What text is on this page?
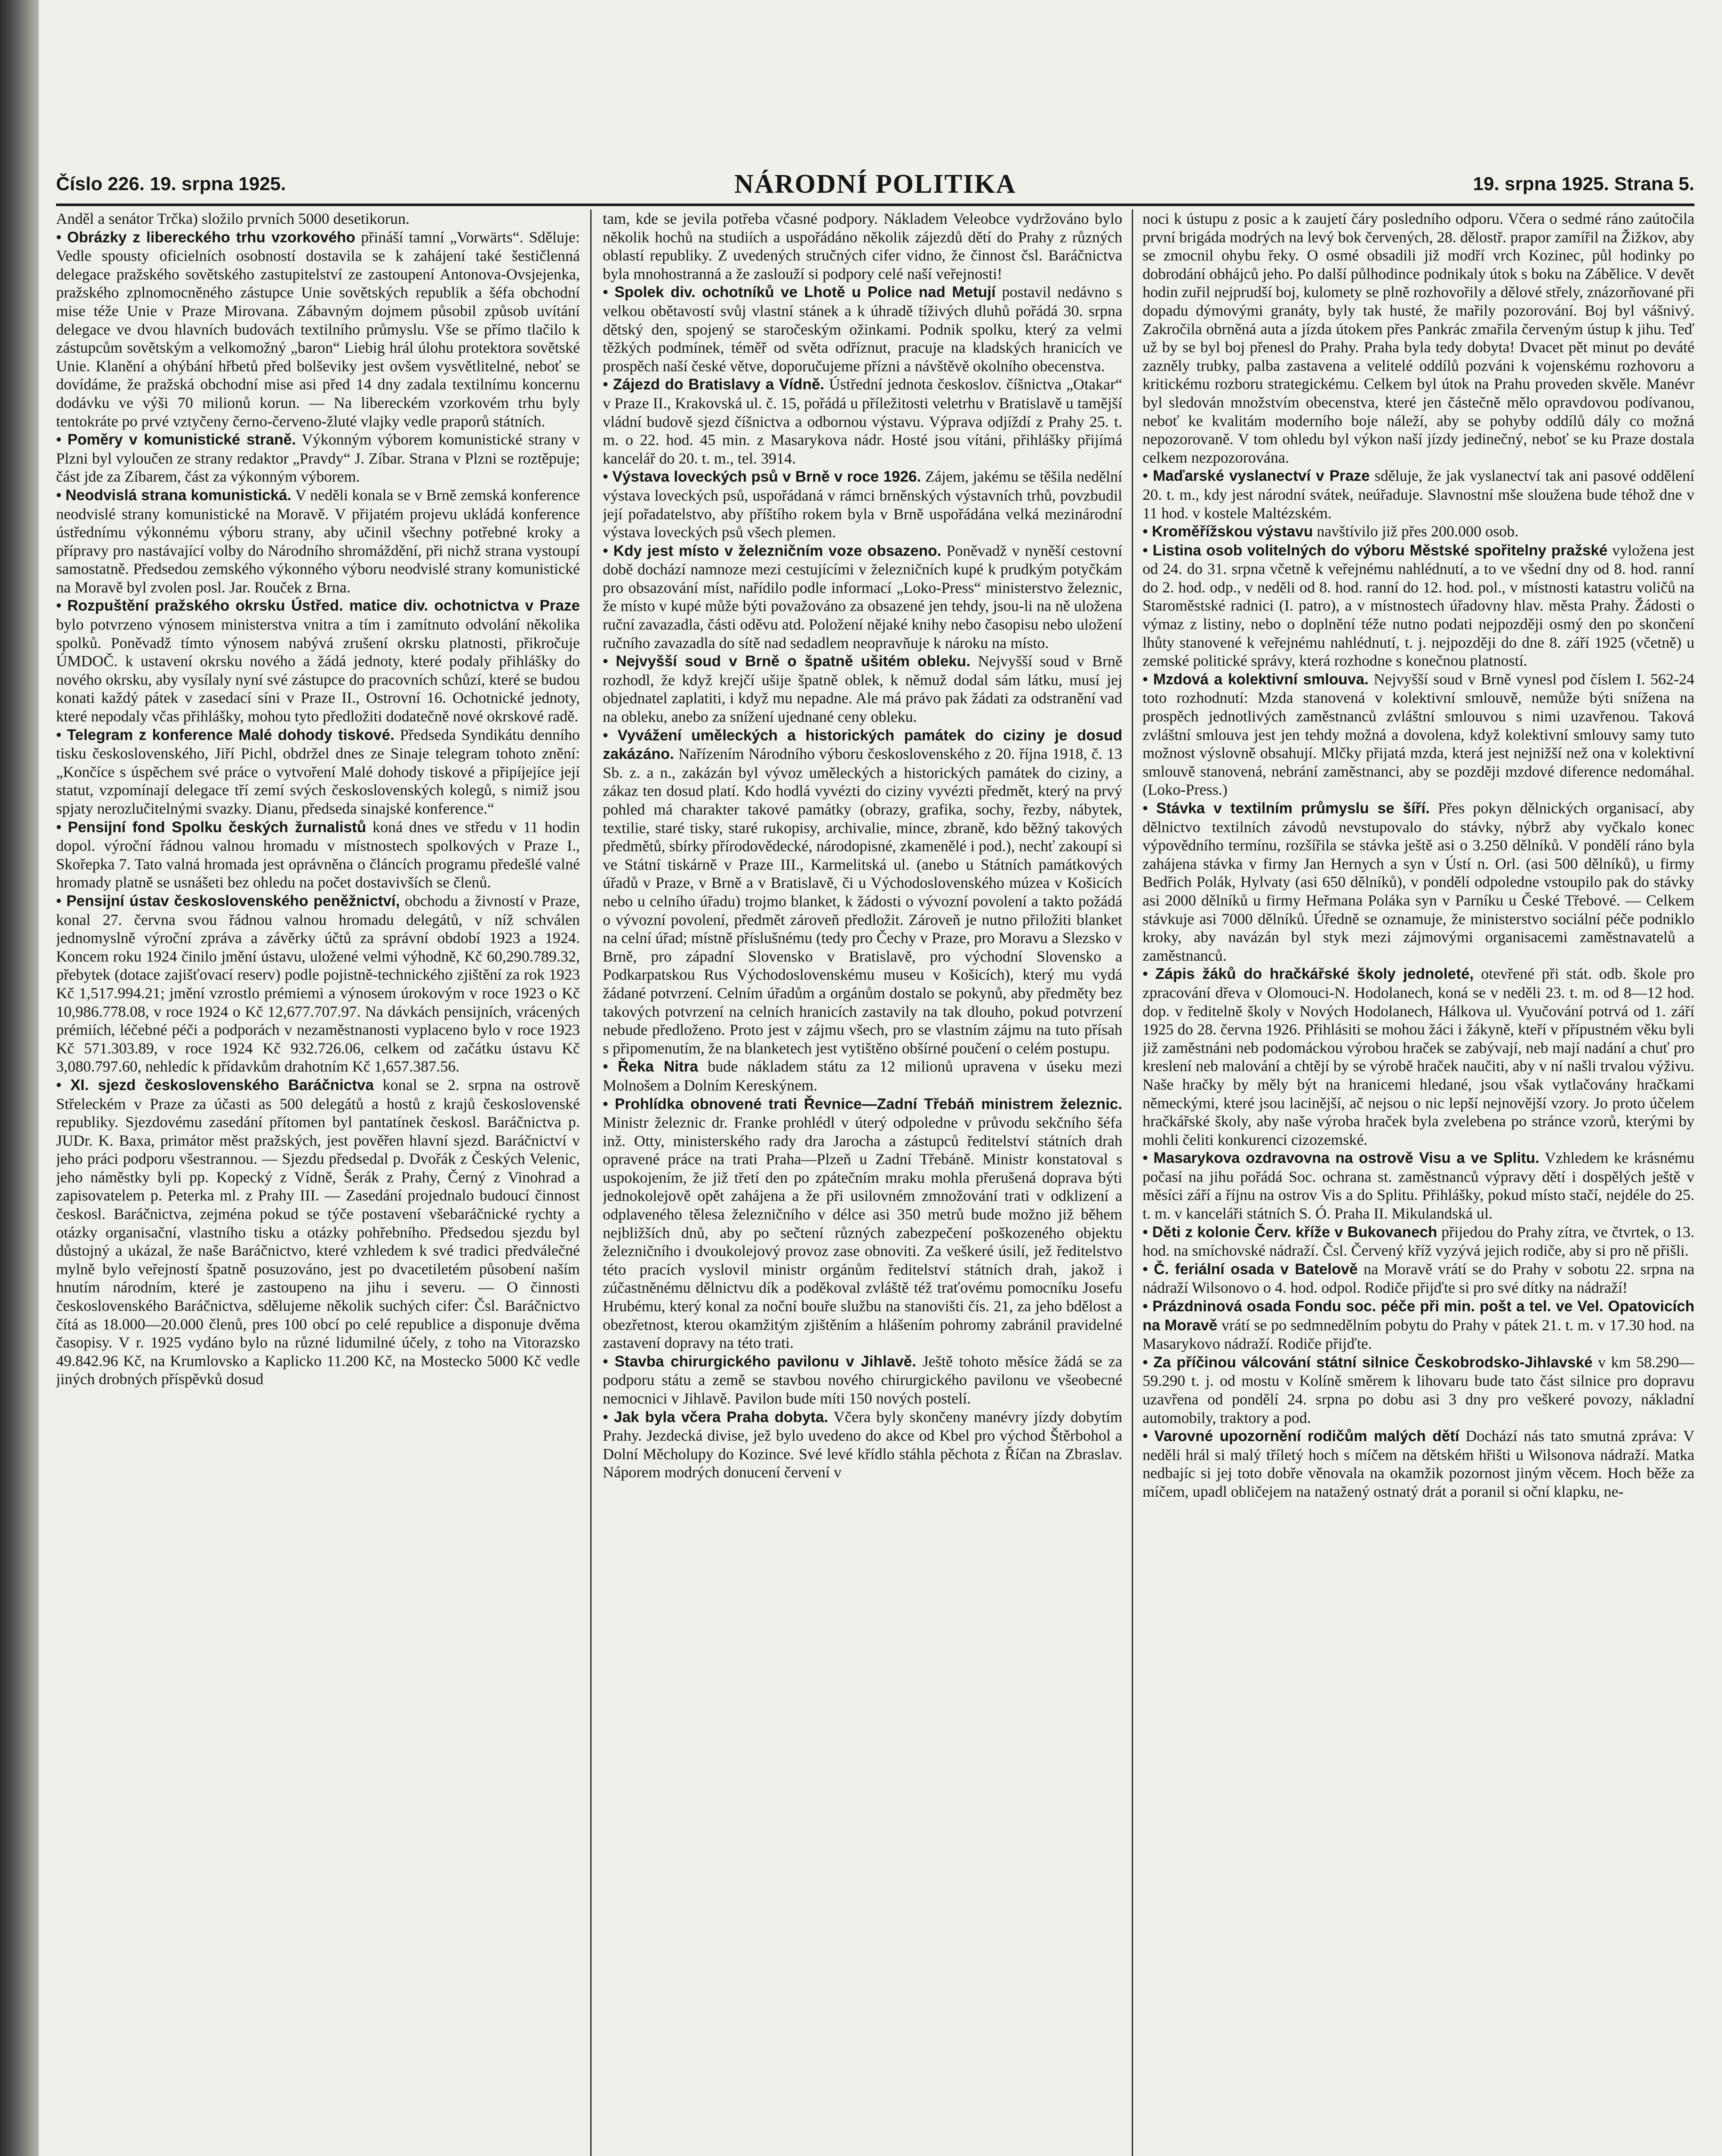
Číslo 226. 19. srpna 1925.	NÁRODNÍ POLITIKA	19. srpna 1925. Strana 5.

Anděl a senátor Trčka) složilo prvních 5000 desetikorun.

• Obrázky z libereckého trhu vzorkového přináší tamní „Vorwärts“. Sděluje: Vedle spousty oficielních osobností dostavila se k zahájení také šestičlenná delegace pražského sovětského zastupitelství ze zastoupení Antonova-Ovsjejenka, pražského zplnomocněného zástupce Unie sovětských republik a šéfa obchodní mise téže Unie v Praze Mirovana. Zábavným dojmem působil způsob uvítání delegace ve dvou hlavních budovách textilního průmyslu. Vše se přímo tlačilo k zástupcům sovětským a velkomožný „baron“ Liebig hrál úlohu protektora sovětské Unie. Klanění a ohýbání hřbetů před bolševiky jest ovšem vysvětlitelné, neboť se dovídáme, že pražská obchodní mise asi před 14 dny zadala textilnímu koncernu dodávku ve výši 70 milionů korun. — Na libereckém vzorkovém trhu byly tentokráte po prvé vztyčeny černo-červeno-žluté vlajky vedle praporů státních.

• Poměry v komunistické straně. Výkonným výborem komunistické strany v Plzni byl vyloučen ze strany redaktor „Pravdy“ J. Zíbar. Strana v Plzni se roztěpuje; část jde za Zíbarem, část za výkonným výborem.

• Neodvislá strana komunistická. V neděli konala se v Brně zemská konference neodvislé strany komunistické na Moravě. V přijatém projevu ukládá konference ústřednímu výkonnému výboru strany, aby učinil všechny potřebné kroky a přípravy pro nastávající volby do Národního shromáždění, při nichž strana vystoupí samostatně. Předsedou zemského výkonného výboru neodvislé strany komunistické na Moravě byl zvolen posl. Jar. Rouček z Brna.

• Rozpuštění pražského okrsku Ústřed. matice div. ochotnictva v Praze bylo potvrzeno výnosem ministerstva vnitra a tím i zamítnuto odvolání několika spolků. Poněvadž tímto výnosem nabývá zrušení okrsku platnosti, přikročuje ÚMDOČ. k ustavení okrsku nového a žádá jednoty, které podaly přihlášky do nového okrsku, aby vysílaly nyní své zástupce do pracovních schůzí, které se budou konati každý pátek v zasedací síni v Praze II., Ostrovní 16. Ochotnické jednoty, které nepodaly včas přihlášky, mohou tyto předložiti dodatečně nové okrskové radě.

• Telegram z konference Malé dohody tiskové. Předseda Syndikátu denního tisku československého, Jiří Pichl, obdržel dnes ze Sinaje telegram tohoto znění: „Končíce s úspěchem své práce o vytvoření Malé dohody tiskové a připíjejíce její statut, vzpomínají delegace tří zemí svých československých kolegů, s nimiž jsou spjaty nerozlučitelnými svazky. Dianu, předseda sinajské konference.“

• Pensijní fond Spolku českých žurnalistů koná dnes ve středu v 11 hodin dopol. výroční řádnou valnou hromadu v místnostech spolkových v Praze I., Skořepka 7. Tato valná hromada jest oprávněna o článcích programu předešlé valné hromady platně se usnášeti bez ohledu na počet dostavivších se členů.

• Pensijní ústav československého peněžnictví, obchodu a živností v Praze, konal 27. června svou řádnou valnou hromadu delegátů, v níž schválen jednomyslně výroční zpráva a závěrky účtů za správní období 1923 a 1924. Koncem roku 1924 činilo jmění ústavu, uložené velmi výhodně, Kč 60,290.789.32, přebytek (dotace zajišťovací reserv) podle pojistně-technického zjištění za rok 1923 Kč 1,517.994.21; jmění vzrostlo prémiemi a výnosem úrokovým v roce 1923 o Kč 10,986.778.08, v roce 1924 o Kč 12,677.707.97. Na dávkách pensijních, vrácených prémiích, léčebné péči a podporách v nezaměstnanosti vyplaceno bylo v roce 1923 Kč 571.303.89, v roce 1924 Kč 932.726.06, celkem od začátku ústavu Kč 3,080.797.60, nehledíc k přídavkům drahotním Kč 1,657.387.56.

• XI. sjezd československého Baráčnictva konal se 2. srpna na ostrově Střeleckém v Praze za účasti as 500 delegátů a hostů z krajů československé republiky. Sjezdovému zasedání přítomen byl pantatínek českosl. Baráčnictva p. JUDr. K. Baxa, primátor měst pražských, jest pověřen hlavní sjezd. Baráčnictví v jeho práci podporu všestrannou. — Sjezdu předsedal p. Dvořák z Českých Velenic, jeho náměstky byli pp. Kopecký z Vídně, Šerák z Prahy, Černý z Vinohrad a zapisovatelem p. Peterka ml. z Prahy III. — Zasedání projednalo budoucí činnost českosl. Baráčnictva, zejména pokud se týče postavení všebaráčnické rychty a otázky organisační, vlastního tisku a otázky pohřebního. Předsedou sjezdu byl důstojný a ukázal, že naše Baráčnictvo, které vzhledem k své tradici předválečné mylně bylo veřejností špatně posuzováno, jest po dvacetiletém působení naším hnutím národním, které je zastoupeno na jihu i severu. — O činnosti československého Baráčnictva, sdělujeme několik suchých cifer: Čsl. Baráčnictvo čítá as 18.000—20.000 členů, pres 100 obcí po celé republice a disponuje dvěma časopisy. V r. 1925 vydáno bylo na různé lidumilné účely, z toho na Vitorazsko 49.842.96 Kč, na Krumlovsko a Kaplicko 11.200 Kč, na Mostecko 5000 Kč vedle jiných drobných příspěvků dosud

tam, kde se jevila potřeba včasné podpory. Nákladem Veleobce vydržováno bylo několik hochů na studiích a uspořádáno několik zájezdů dětí do Prahy z různých oblastí republiky. Z uvedených stručných cifer vidno, že činnost čsl. Baráčnictva byla mnohostranná a že zaslouží si podpory celé naší veřejnosti!

• Spolek div. ochotníků ve Lhotě u Police nad Metují postavil nedávno s velkou obětavostí svůj vlastní stánek a k úhradě tíživých dluhů pořádá 30. srpna dětský den, spojený se staročeským ožinkami. Podnik spolku, který za velmi těžkých podmínek, téměř od světa odříznut, pracuje na kladských hranicích ve prospěch naší české větve, doporučujeme přízni a návštěvě okolního obecenstva.

• Zájezd do Bratislavy a Vídně. Ústřední jednota českoslov. číšnictva „Otakar“ v Praze II., Krakovská ul. č. 15, pořádá u příležitosti veletrhu v Bratislavě u tamější vládní budově sjezd číšnictva a odbornou výstavu. Výprava odjíždí z Prahy 25. t. m. o 22. hod. 45 min. z Masarykova nádr. Hosté jsou vítáni, přihlášky přijímá kancelář do 20. t. m., tel. 3914.

• Výstava loveckých psů v Brně v roce 1926. Zájem, jakému se těšila nedělní výstava loveckých psů, uspořádaná v rámci brněnských výstavních trhů, povzbudil její pořadatelstvo, aby příštího rokem byla v Brně uspořádána velká mezinárodní výstava loveckých psů všech plemen.

• Kdy jest místo v železničním voze obsazeno. Poněvadž v nyněší cestovní době dochází namnoze mezi cestujícími v železničních kupé k prudkým potyčkám pro obsazování míst, nařídilo podle informací „Loko-Press“ ministerstvo železnic, že místo v kupé může býti považováno za obsazené jen tehdy, jsou-li na ně uložena ruční zavazadla, části oděvu atd. Položení nějaké knihy nebo časopisu nebo uložení ručního zavazadla do sítě nad sedadlem neopravňuje k nároku na místo.

• Nejvyšší soud v Brně o špatně ušitém obleku. Nejvyšší soud v Brně rozhodl, že když krejčí ušije špatně oblek, k němuž dodal sám látku, musí jej objednatel zaplatiti, i když mu nepadne. Ale má právo pak žádati za odstranění vad na obleku, anebo za snížení ujednané ceny obleku.

• Vyvážení uměleckých a historických památek do ciziny je dosud zakázáno. Nařízením Národního výboru československého z 20. října 1918, č. 13 Sb. z. a n., zakázán byl vývoz uměleckých a historických památek do ciziny, a zákaz ten dosud platí. Kdo hodlá vyvézti do ciziny vyvézti předmět, který na prvý pohled má charakter takové památky (obrazy, grafika, sochy, řezby, nábytek, textilie, staré tisky, staré rukopisy, archivalie, mince, zbraně, kdo běžný takových předmětů, sbírky přírodovědecké, národopisné, zkamenělé i pod.), nechť zakoupí si ve Státní tiskárně v Praze III., Karmelitská ul. (anebo u Státních památkových úřadů v Praze, v Brně a v Bratislavě, či u Východoslovenského múzea v Košicích nebo u celního úřadu) trojmo blanket, k žádosti o vývozní povolení a takto požádá o vývozní povolení, předmět zároveň předložit. Zároveň je nutno přiložiti blanket na celní úřad; místně příslušnému (tedy pro Čechy v Praze, pro Moravu a Slezsko v Brně, pro západní Slovensko v Bratislavě, pro východní Slovensko a Podkarpatskou Rus Východoslovenskému museu v Košicích), který mu vydá žádané potvrzení. Celním úřadům a orgánům dostalo se pokynů, aby předměty bez takových potvrzení na celních hranicích zastavily na tak dlouho, pokud potvrzení nebude předloženo. Proto jest v zájmu všech, pro se vlastním zájmu na tuto přísah s připomenutím, že na blanketech jest vytištěno obšírné poučení o celém postupu.

• Řeka Nitra bude nákladem státu za 12 milionů upravena v úseku mezi Molnošem a Dolním Kereskýnem.

• Prohlídka obnovené trati Řevnice—Zadní Třebáň ministrem železnic. Ministr železnic dr. Franke prohlédl v úterý odpoledne v průvodu sekčního šéfa inž. Otty, ministerského rady dra Jarocha a zástupců ředitelství státních drah opravené práce na trati Praha—Plzeň u Zadní Třebáně. Ministr konstatoval s uspokojením, že již třetí den po zpátečním mraku mohla přerušená doprava býti jednokolejově opět zahájena a že při usilovném zmnožování trati v odklizení a odplaveného tělesa železničního v délce asi 350 metrů bude možno již během nejbližších dnů, aby po sečtení různých zabezpečení poškozeného objektu železničního i dvoukolejový provoz zase obnoviti. Za veškeré úsilí, jež ředitelstvo této pracích vyslovil ministr orgánům ředitelství státních drah, jakož i zúčastněnému dělnictvu dík a poděkoval zvláště též traťovému pomocníku Josefu Hrubému, který konal za noční bouře službu na stanovišti čís. 21, za jeho bdělost a obezřetnost, kterou okamžitým zjištěním a hlášením pohromy zabránil pravidelné zastavení dopravy na této trati.

• Stavba chirurgického pavilonu v Jihlavě. Ještě tohoto měsíce žádá se za podporu státu a země se stavbou nového chirurgického pavilonu ve všeobecné nemocnici v Jihlavě. Pavilon bude míti 150 nových postelí.

• Jak byla včera Praha dobyta. Včera byly skončeny manévry jízdy dobytím Prahy. Jezdecká divise, jež bylo uvedeno do akce od Kbel pro východ Štěrbohol a Dolní Měcholupy do Kozince. Své levé křídlo stáhla pěchota z Říčan na Zbraslav. Náporem modrých donucení červení v

noci k ústupu z posic a k zaujetí čáry posledního odporu. Včera o sedmé ráno zaútočila první brigáda modrých na levý bok červených, 28. dělostř. prapor zamířil na Žižkov, aby se zmocnil ohybu řeky. O osmé obsadili již modří vrch Kozinec, půl hodinky po dobrodání obhájců jeho. Po další půlhodince podnikaly útok s boku na Zábělice. V devět hodin zuřil nejprudší boj, kulomety se plně rozhovořily a dělové střely, znázorňované při dopadu dýmovými granáty, byly tak husté, že mařily pozorování. Boj byl vášnivý. Zakročila obrněná auta a jízda útokem přes Pankrác zmařila červeným ústup k jihu. Teď už by se byl boj přenesl do Prahy. Praha byla tedy dobyta! Dvacet pět minut po deváté zazněly trubky, palba zastavena a velitelé oddílů pozváni k vojenskému rozhovoru a kritickému rozboru strategickému. Celkem byl útok na Prahu proveden skvěle. Manévr byl sledován množstvím obecenstva, které jen částečně mělo opravdovou podívanou, neboť ke kvalitám moderního boje náleží, aby se pohyby oddílů dály co možná nepozorovaně. V tom ohledu byl výkon naší jízdy jedinečný, neboť se ku Praze dostala celkem nezpozorována.

• Maďarské vyslanectví v Praze sděluje, že jak vyslanectví tak ani pasové oddělení 20. t. m., kdy jest národní svátek, neúřaduje. Slavnostní mše sloužena bude téhož dne v 11 hod. v kostele Maltézském.

• Kroměřížskou výstavu navštívilo již přes 200.000 osob.

• Listina osob volitelných do výboru Městské spořitelny pražské vyložena jest od 24. do 31. srpna včetně k veřejnému nahlédnutí, a to ve všední dny od 8. hod. ranní do 2. hod. odp., v neděli od 8. hod. ranní do 12. hod. pol., v místnosti katastru voličů na Staroměstské radnici (I. patro), a v místnostech úřadovny hlav. města Prahy. Žádosti o výmaz z listiny, nebo o doplnění téže nutno podati nejpozději osmý den po skončení lhůty stanovené k veřejnému nahlédnutí, t. j. nejpozději do dne 8. září 1925 (včetně) u zemské politické správy, která rozhodne s konečnou platností.

• Mzdová a kolektivní smlouva. Nejvyšší soud v Brně vynesl pod číslem I. 562-24 toto rozhodnutí: Mzda stanovená v kolektivní smlouvě, nemůže býti snížena na prospěch jednotlivých zaměstnanců zvláštní smlouvou s nimi uzavřenou. Taková zvláštní smlouva jest jen tehdy možná a dovolena, když kolektivní smlouvy samy tuto možnost výslovně obsahují. Mlčky přijatá mzda, která jest nejnižší než ona v kolektivní smlouvě stanovená, nebrání zaměstnanci, aby se později mzdové diference nedomáhal. (Loko-Press.)

• Stávka v textilním průmyslu se šíří. Přes pokyn dělnických organisací, aby dělnictvo textilních závodů nevstupovalo do stávky, nýbrž aby vyčkalo konec výpovědního termínu, rozšířila se stávka ještě asi o 3.250 dělníků. V pondělí ráno byla zahájena stávka v firmy Jan Hernych a syn v Ústí n. Orl. (asi 500 dělníků), u firmy Bedřich Polák, Hylvaty (asi 650 dělníků), v pondělí odpoledne vstoupilo pak do stávky asi 2000 dělníků u firmy Heřmana Poláka syn v Parníku u České Třebové. — Celkem stávkuje asi 7000 dělníků. Úředně se oznamuje, že ministerstvo sociální péče podniklo kroky, aby navázán byl styk mezi zájmovými organisacemi zaměstnavatelů a zaměstnanců.

• Zápis žáků do hračkářské školy jednoleté, otevřené při stát. odb. škole pro zpracování dřeva v Olomouci-N. Hodolanech, koná se v neděli 23. t. m. od 8—12 hod. dop. v ředitelně školy v Nových Hodolanech, Hálkova ul. Vyučování potrvá od 1. září 1925 do 28. června 1926. Přihlásiti se mohou žáci i žákyně, kteří v přípustném věku byli již zaměstnáni neb podomáckou výrobou hraček se zabývají, neb mají nadání a chuť pro kreslení neb malování a chtějí by se výrobě hraček naučiti, aby v ní našli trvalou výživu. Naše hračky by měly být na hranicemi hledané, jsou však vytlačovány hračkami německými, které jsou lacinější, ač nejsou o nic lepší nejnovější vzory. Jo proto účelem hračkářské školy, aby naše výroba hraček byla zvelebena po stránce vzorů, kterými by mohli čeliti konkurenci cizozemské.

• Masarykova ozdravovna na ostrově Visu a ve Splitu. Vzhledem ke krásnému počasí na jihu pořádá Soc. ochrana st. zaměstnanců výpravy dětí i dospělých ještě v měsíci září a říjnu na ostrov Vis a do Splitu. Přihlášky, pokud místo stačí, nejdéle do 25. t. m. v kanceláři státních S. Ó. Praha II. Mikulandská ul.

• Děti z kolonie Červ. kříže v Bukovanech přijedou do Prahy zítra, ve čtvrtek, o 13. hod. na smíchovské nádraží. Čsl. Červený kříž vyzývá jejich rodiče, aby si pro ně přišli.

• Č. feriální osada v Batelově na Moravě vrátí se do Prahy v sobotu 22. srpna na nádraží Wilsonovo o 4. hod. odpol. Rodiče přijďte si pro své dítky na nádraží!

• Prázdninová osada Fondu soc. péče při min. pošt a tel. ve Vel. Opatovicích na Moravě vrátí se po sedmnedělním pobytu do Prahy v pátek 21. t. m. v 17.30 hod. na Masarykovo nádraží. Rodiče přijďte.

• Za příčinou válcování státní silnice Českobrodsko-Jihlavské v km 58.290—59.290 t. j. od mostu v Kolíně směrem k lihovaru bude tato část silnice pro dopravu uzavřena od pondělí 24. srpna po dobu asi 3 dny pro veškeré povozy, nákladní automobily, traktory a pod.

• Varovné upozornění rodičům malých dětí Dochází nás tato smutná zpráva: V neděli hrál si malý tříletý hoch s míčem na dětském hřišti u Wilsonova nádraží. Matka nedbajíc si jej toto dobře věnovala na okamžik pozornost jiným věcem. Hoch běže za míčem, upadl obličejem na natažený ostnatý drát a poranil si oční klapku, ne-
